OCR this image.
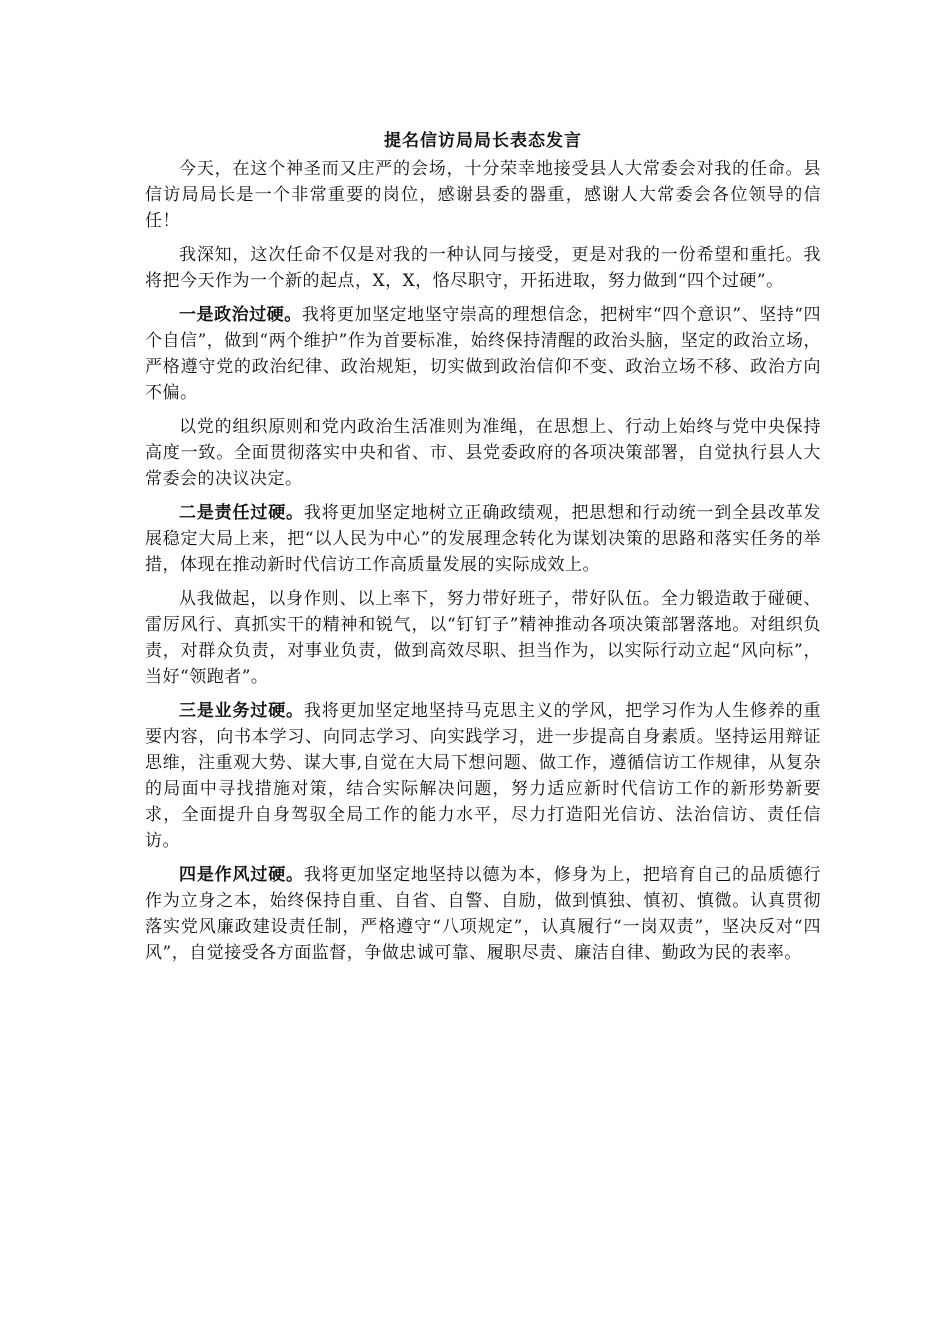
提名信访局局长表态发言

今天，在这个神圣而又庄严的会场，十分荣幸地接受县人大常委会对我的任命。县信访局局长是一个非常重要的岗位，感谢县委的器重，感谢人大常委会各位领导的信任！

我深知，这次任命不仅是对我的一种认同与接受，更是对我的一份希望和重托。我将把今天作为一个新的起点，X，X，恪尽职守，开拓进取，努力做到“四个过硬”。

一是政治过硬。我将更加坚定地坚守崇高的理想信念，把树牢“四个意识”、坚持“四个自信”，做到“两个维护”作为首要标准，始终保持清醒的政治头脑，坚定的政治立场，严格遵守党的政治纪律、政治规矩，切实做到政治信仰不变、政治立场不移、政治方向不偏。

以党的组织原则和党内政治生活准则为准绳，在思想上、行动上始终与党中央保持高度一致。全面贯彻落实中央和省、市、县党委政府的各项决策部署，自觉执行县人大常委会的决议决定。

二是责任过硬。我将更加坚定地树立正确政绩观，把思想和行动统一到全县改革发展稳定大局上来，把“以人民为中心”的发展理念转化为谋划决策的思路和落实任务的举措，体现在推动新时代信访工作高质量发展的实际成效上。

从我做起，以身作则、以上率下，努力带好班子，带好队伍。全力锻造敢于碰硬、雷厉风行、真抓实干的精神和锐气，以“钉钉子”精神推动各项决策部署落地。对组织负责，对群众负责，对事业负责，做到高效尽职、担当作为，以实际行动立起“风向标”，当好“领跑者”。

三是业务过硬。我将更加坚定地坚持马克思主义的学风，把学习作为人生修养的重要内容，向书本学习、向同志学习、向实践学习，进一步提高自身素质。坚持运用辩证思维，注重观大势、谋大事,自觉在大局下想问题、做工作，遵循信访工作规律，从复杂的局面中寻找措施对策，结合实际解决问题，努力适应新时代信访工作的新形势新要求，全面提升自身驾驭全局工作的能力水平，尽力打造阳光信访、法治信访、责任信访。

四是作风过硬。我将更加坚定地坚持以德为本，修身为上，把培育自己的品质德行作为立身之本，始终保持自重、自省、自警、自励，做到慎独、慎初、慎微。认真贯彻落实党风廉政建设责任制，严格遵守“八项规定”，认真履行“一岗双责”，坚决反对“四风”，自觉接受各方面监督，争做忠诚可靠、履职尽责、廉洁自律、勤政为民的表率。
